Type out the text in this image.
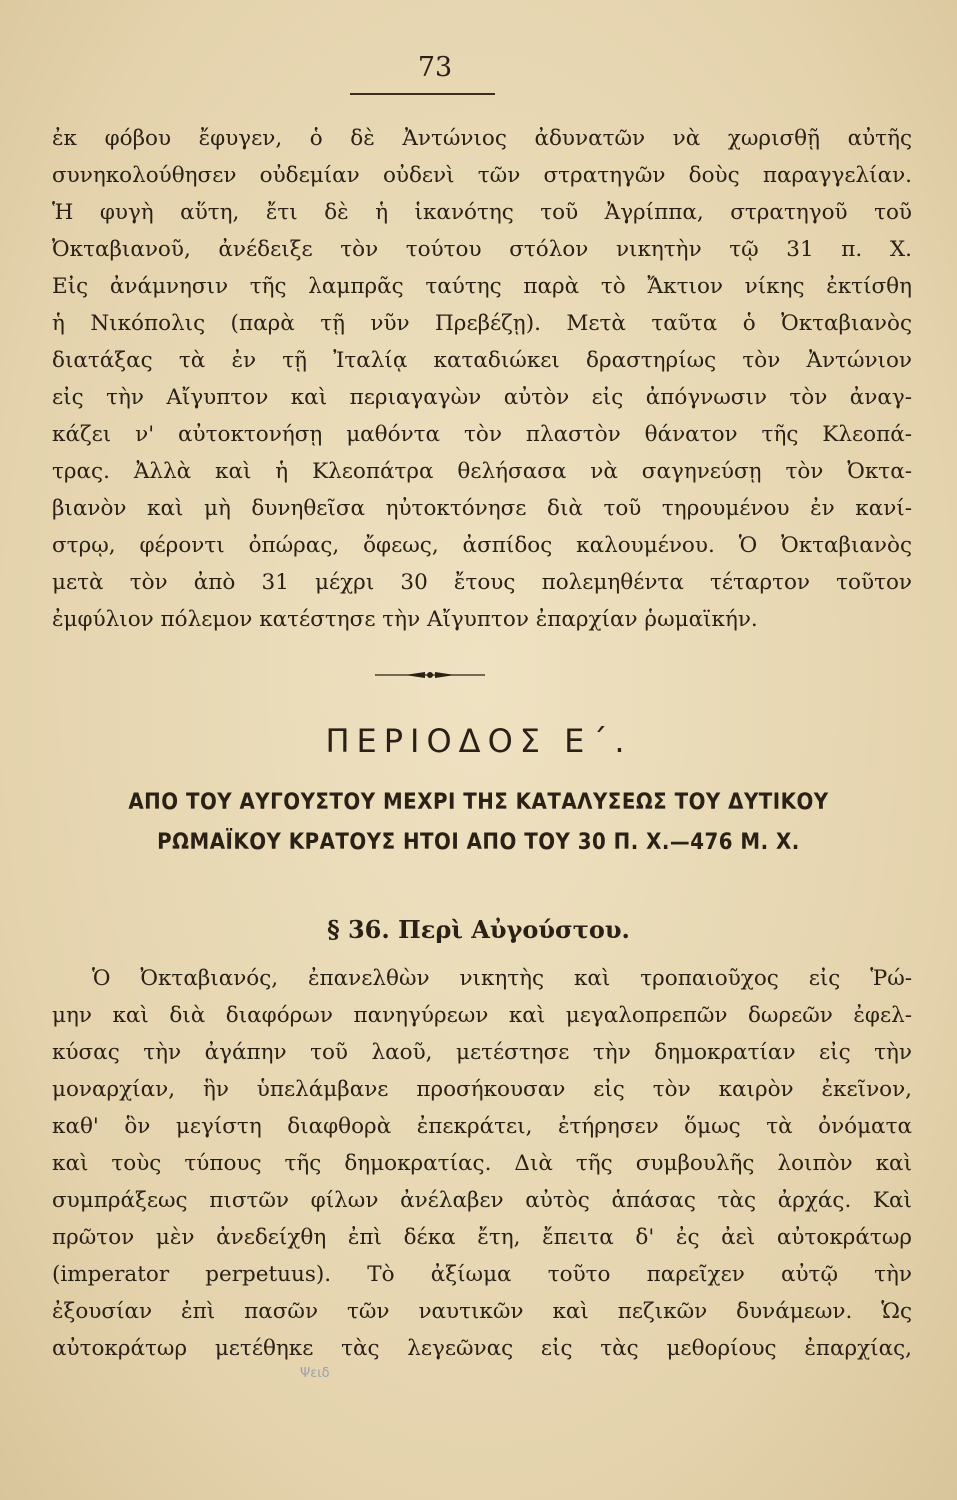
73
ἐκ φόβου ἔφυγεν, ὁ δὲ Ἀντώνιος ἀδυνατῶν νὰ χωρισθῇ αὐτῆς
συνηκολούθησεν οὐδεμίαν οὐδενὶ τῶν στρατηγῶν δοὺς παραγγελίαν.
Ἡ φυγὴ αὕτη, ἔτι δὲ ἡ ἱκανότης τοῦ Ἀγρίππα, στρατηγοῦ τοῦ
Ὀκταβιανοῦ, ἀνέδειξε τὸν τούτου στόλον νικητὴν τῷ 31 π. Χ.
Εἰς ἀνάμνησιν τῆς λαμπρᾶς ταύτης παρὰ τὸ Ἄκτιον νίκης ἐκτίσθη
ἡ Νικόπολις (παρὰ τῇ νῦν Πρεβέζῃ). Μετὰ ταῦτα ὁ Ὀκταβιανὸς
διατάξας τὰ ἐν τῇ Ἰταλίᾳ καταδιώκει δραστηρίως τὸν Ἀντώνιον
εἰς τὴν Αἴγυπτον καὶ περιαγαγὼν αὐτὸν εἰς ἀπόγνωσιν τὸν ἀναγ-
κάζει ν' αὐτοκτονήσῃ μαθόντα τὸν πλαστὸν θάνατον τῆς Κλεοπά-
τρας. Ἀλλὰ καὶ ἡ Κλεοπάτρα θελήσασα νὰ σαγηνεύσῃ τὸν Ὀκτα-
βιανὸν καὶ μὴ δυνηθεῖσα ηὐτοκτόνησε διὰ τοῦ τηρουμένου ἐν κανί-
στρῳ, φέροντι ὀπώρας, ὄφεως, ἀσπίδος καλουμένου. Ὁ Ὀκταβιανὸς
μετὰ τὸν ἀπὸ 31 μέχρι 30 ἔτους πολεμηθέντα τέταρτον τοῦτον
ἐμφύλιον πόλεμον κατέστησε τὴν Αἴγυπτον ἐπαρχίαν ῥωμαϊκήν.
ΠΕΡΙΟΔΟΣ Ε΄.
ΑΠΟ ΤΟΥ ΑΥΓΟΥΣΤΟΥ ΜΕΧΡΙ ΤΗΣ ΚΑΤΑΛΥΣΕΩΣ ΤΟΥ ΔΥΤΙΚΟΥ
ΡΩΜΑΪΚΟΥ ΚΡΑΤΟΥΣ ΗΤΟΙ ΑΠΟ ΤΟΥ 30 Π. Χ.—476 Μ. Χ.
§ 36. Περὶ Αὐγούστου.
Ὁ Ὀκταβιανός, ἐπανελθὼν νικητὴς καὶ τροπαιοῦχος εἰς Ῥώ-
μην καὶ διὰ διαφόρων πανηγύρεων καὶ μεγαλοπρεπῶν δωρεῶν ἐφελ-
κύσας τὴν ἀγάπην τοῦ λαοῦ, μετέστησε τὴν δημοκρατίαν εἰς τὴν
μοναρχίαν, ἣν ὑπελάμβανε προσήκουσαν εἰς τὸν καιρὸν ἐκεῖνον,
καθ' ὃν μεγίστη διαφθορὰ ἐπεκράτει, ἐτήρησεν ὅμως τὰ ὀνόματα
καὶ τοὺς τύπους τῆς δημοκρατίας. Διὰ τῆς συμβουλῆς λοιπὸν καὶ
συμπράξεως πιστῶν φίλων ἀνέλαβεν αὐτὸς ἁπάσας τὰς ἀρχάς. Καὶ
πρῶτον μὲν ἀνεδείχθη ἐπὶ δέκα ἔτη, ἔπειτα δ' ἐς ἀεὶ αὐτοκράτωρ
(imperator perpetuus). Τὸ ἀξίωμα τοῦτο παρεῖχεν αὐτῷ τὴν
ἐξουσίαν ἐπὶ πασῶν τῶν ναυτικῶν καὶ πεζικῶν δυνάμεων. Ὡς
αὐτοκράτωρ μετέθηκε τὰς λεγεῶνας εἰς τὰς μεθορίους ἐπαρχίας,
Ψειδ
